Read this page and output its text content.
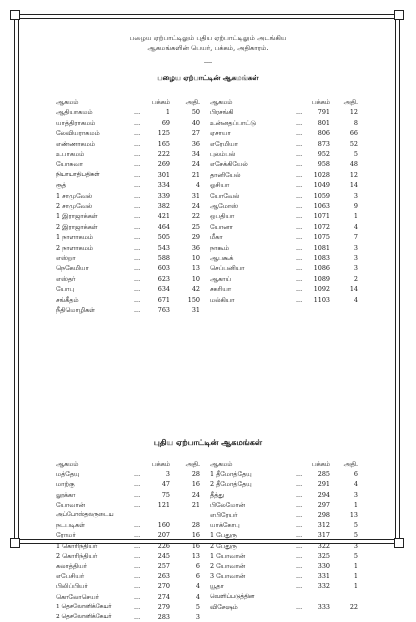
பழைய ஏற்பாட்டிலும் புதிய ஏற்பாட்டிலும் அடங்கிய
ஆகமங்களின் பெயர், பக்கம், அதிகாரம்.
----
பழைய ஏற்பாட்டின் ஆகமங்கள்
புதிய ஏற்பாட்டின் ஆகமங்கள்
ஆகமம்	பக்கம்	அதி.
ஆதியாகமம்	...	1	50
யாத்திராகமம்	...	69	40
லேவியராகமம்	...	125	27
எண்ணாகமம்	...	165	36
உபாகமம்	...	222	34
யோசுவா	...	269	24
நியாயாதிபதிகள்	...	301	21
ரூத்	...	334	4
1 சாமுவேல்	...	339	31
2 சாமுவேல்	...	382	24
1 இராஜாக்கள்	...	421	22
2 இராஜாக்கள்	...	464	25
1 நாளாகமம்	...	505	29
2 நாளாகமம்	...	543	36
எஸ்றா	...	588	10
நெகேமியா	...	603	13
எஸ்தர்	...	623	10
யோபு	...	634	42
சங்கீதம்	...	671	150
நீதிமொழிகள்	...	763	31
ஆகமம்	பக்கம்	அதி.
பிரசங்கி	...	791	12
உன்னதப்பாட்டு	...	801	8
ஏசாயா	...	806	66
எரேமியா	...	873	52
புலம்பல்	...	952	5
எசேக்கியேல்	...	958	48
தானியேல்	...	1028	12
ஓசியா	...	1049	14
யோவேல்	...	1059	3
ஆமோஸ்	...	1063	9
ஒபதியா	...	1071	1
யோனா	...	1072	4
மீகா	...	1075	7
நாகூம்	...	1081	3
ஆபகூக்	...	1083	3
செப்பனியா	...	1086	3
ஆகாய்	...	1089	2
சகரியா	...	1092	14
மல்கியா	...	1103	4
ஆகமம்	பக்கம்	அதி.
மத்தேயு	...	3	28
மாற்கு	...	47	16
லூக்கா	...	75	24
யோவான்	...	121	21
அப்போஸ்தலருடைய
நடபடிகள்	...	160	28
ரோமர்	...	207	16
1 கொரிந்தியர்	...	226	16
2 கொரிந்தியர்	...	245	13
கலாத்தியர்	...	257	6
எபேசியர்	...	263	6
பிலிப்பியர்	...	270	4
கொலோசெயர்	...	274	4
1 தெசலோனிக்கேயர்	...	279	5
2 தெசலோனிக்கேயர்	...	283	3
ஆகமம்	பக்கம்	அதி.
1 தீமோத்தேயு	...	285	6
2 தீமோத்தேயு	...	291	4
தீத்து	...	294	3
பிலேமோன்	...	297	1
எபிரேயர்	...	298	13
யாக்கோபு	...	312	5
1 பேதுரு	...	317	5
2 பேதுரு	...	322	3
1 யோவான்	...	325	5
2 யோவான்	...	330	1
3 யோவான்	...	331	1
யூதா	...	332	1
வெளிப்படுத்தின
விசேஷம்	...	333	22
